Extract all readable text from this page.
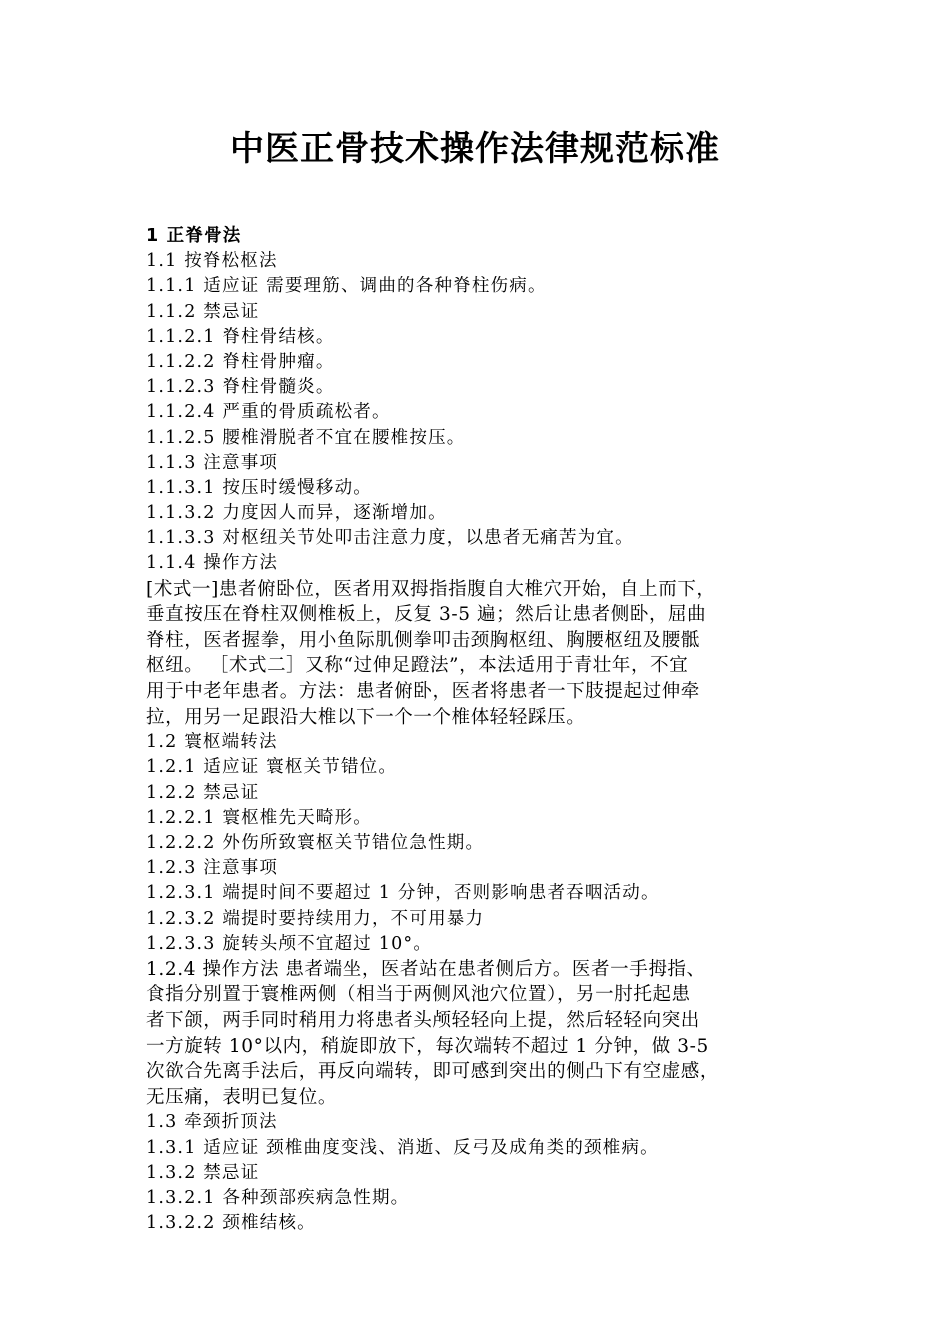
中医正骨技术操作法律规范标准
1 正脊骨法
1.1 按脊松枢法
1.1.1 适应证 需要理筋、调曲的各种脊柱伤病。
1.1.2 禁忌证
1.1.2.1 脊柱骨结核。
1.1.2.2 脊柱骨肿瘤。
1.1.2.3 脊柱骨髓炎。
1.1.2.4 严重的骨质疏松者。
1.1.2.5 腰椎滑脱者不宜在腰椎按压。
1.1.3 注意事项
1.1.3.1 按压时缓慢移动。
1.1.3.2 力度因人而异，逐渐增加。
1.1.3.3 对枢纽关节处叩击注意力度，以患者无痛苦为宜。
1.1.4 操作方法

[术式一]患者俯卧位，医者用双拇指指腹自大椎穴开始，自上而下，
垂直按压在脊柱双侧椎板上，反复 3-5 遍；然后让患者侧卧，屈曲
脊柱，医者握拳，用小鱼际肌侧拳叩击颈胸枢纽、胸腰枢纽及腰骶
枢纽。 ［术式二］又称“过伸足蹬法”，本法适用于青壮年，不宜
用于中老年患者。方法：患者俯卧，医者将患者一下肢提起过伸牵
拉，用另一足跟沿大椎以下一个一个椎体轻轻踩压。

1.2 寰枢端转法
1.2.1 适应证 寰枢关节错位。
1.2.2 禁忌证
1.2.2.1 寰枢椎先天畸形。
1.2.2.2 外伤所致寰枢关节错位急性期。
1.2.3 注意事项
1.2.3.1 端提时间不要超过 1 分钟，否则影响患者吞咽活动。
1.2.3.2 端提时要持续用力，不可用暴力
1.2.3.3 旋转头颅不宜超过 10°。

1.2.4 操作方法 患者端坐，医者站在患者侧后方。医者一手拇指、
食指分别置于寰椎两侧（相当于两侧风池穴位置），另一肘托起患
者下颌，两手同时稍用力将患者头颅轻轻向上提，然后轻轻向突出
一方旋转 10°以内，稍旋即放下，每次端转不超过 1 分钟，做 3-5
次欲合先离手法后，再反向端转，即可感到突出的侧凸下有空虚感，
无压痛，表明已复位。

1.3 牵颈折顶法
1.3.1 适应证 颈椎曲度变浅、消逝、反弓及成角类的颈椎病。
1.3.2 禁忌证
1.3.2.1 各种颈部疾病急性期。
1.3.2.2 颈椎结核。
